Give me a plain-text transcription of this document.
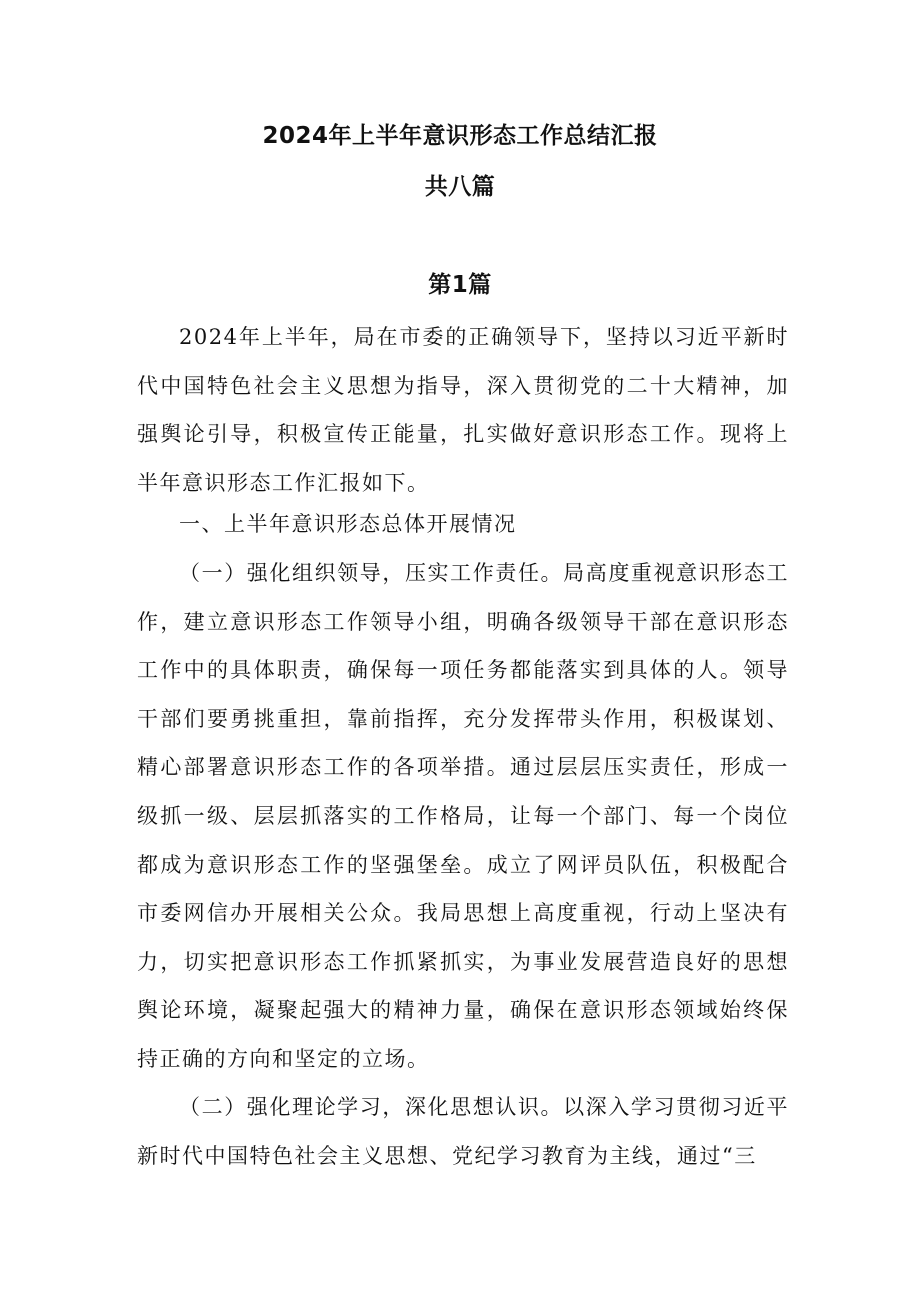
2024年上半年意识形态工作总结汇报
共八篇
第1篇
2024年上半年，局在市委的正确领导下，坚持以习近平新时代中国特色社会主义思想为指导，深入贯彻党的二十大精神，加强舆论引导，积极宣传正能量，扎实做好意识形态工作。现将上半年意识形态工作汇报如下。
一、上半年意识形态总体开展情况
（一）强化组织领导，压实工作责任。局高度重视意识形态工作，建立意识形态工作领导小组，明确各级领导干部在意识形态工作中的具体职责，确保每一项任务都能落实到具体的人。领导干部们要勇挑重担，靠前指挥，充分发挥带头作用，积极谋划、精心部署意识形态工作的各项举措。通过层层压实责任，形成一级抓一级、层层抓落实的工作格局，让每一个部门、每一个岗位都成为意识形态工作的坚强堡垒。成立了网评员队伍，积极配合市委网信办开展相关公众。我局思想上高度重视，行动上坚决有力，切实把意识形态工作抓紧抓实，为事业发展营造良好的思想舆论环境，凝聚起强大的精神力量，确保在意识形态领域始终保持正确的方向和坚定的立场。
（二）强化理论学习，深化思想认识。以深入学习贯彻习近平新时代中国特色社会主义思想、党纪学习教育为主线，通过“三
